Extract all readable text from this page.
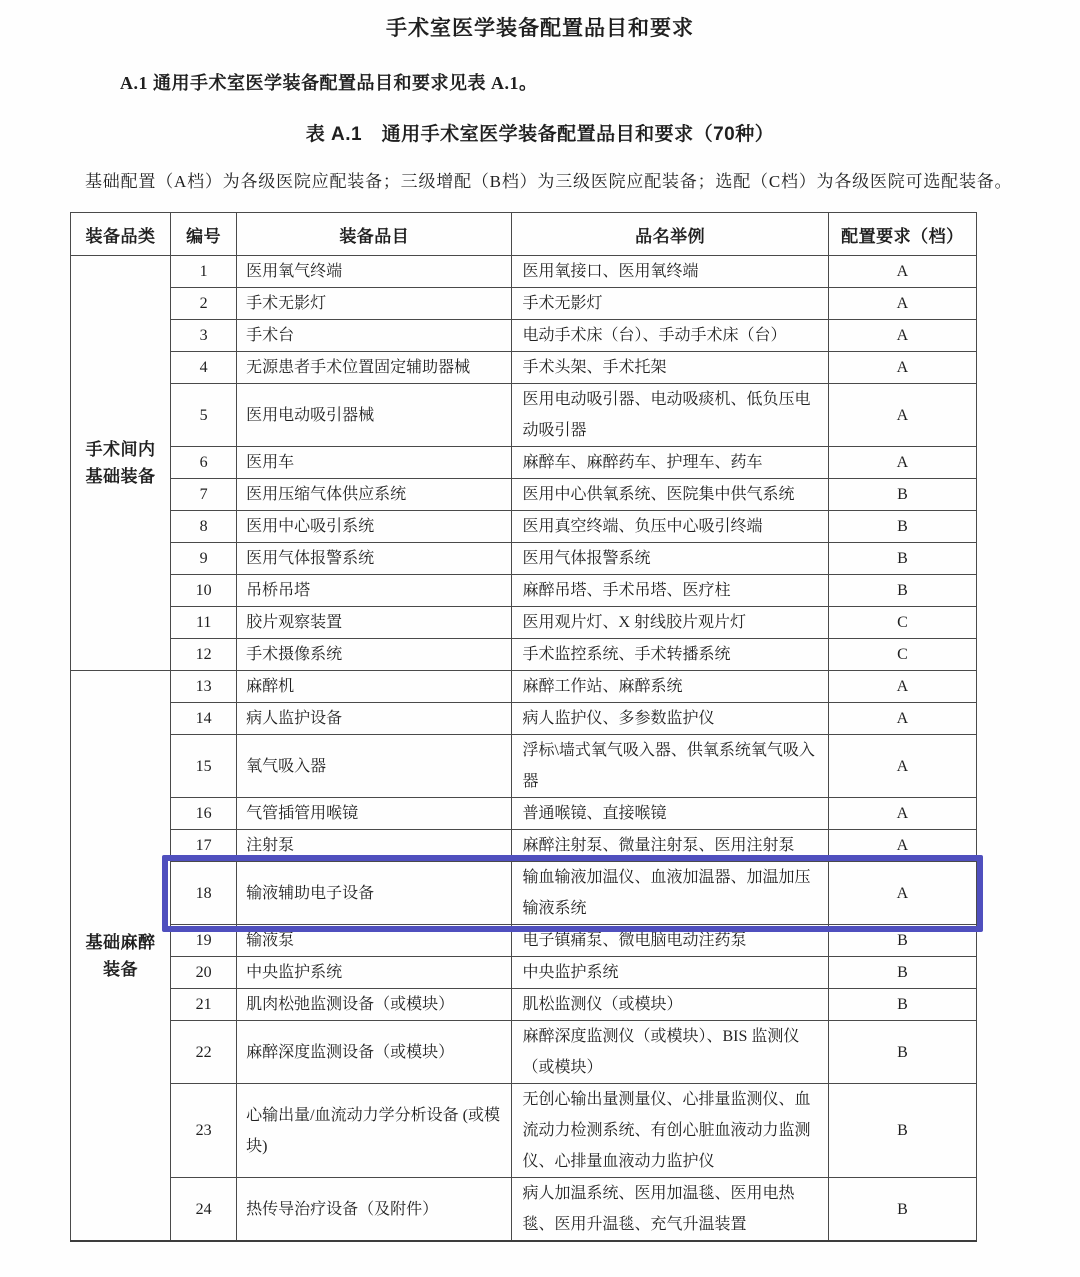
手术室医学装备配置品目和要求

A.1 通用手术室医学装备配置品目和要求见表 A.1。

表 A.1　通用手术室医学装备配置品目和要求（70种）
基础配置（A档）为各级医院应配装备；三级增配（B档）为三级医院应配装备；选配（C档）为各级医院可选配装备。
装备品类	编号	装备品目	品名举例	配置要求（档）
手术间内基础装备	1	医用氧气终端	医用氧接口、医用氧终端	A
	2	手术无影灯	手术无影灯	A
	3	手术台	电动手术床（台）、手动手术床（台）	A
	4	无源患者手术位置固定辅助器械	手术头架、手术托架	A
	5	医用电动吸引器械	医用电动吸引器、电动吸痰机、低负压电动吸引器	A
	6	医用车	麻醉车、麻醉药车、护理车、药车	A
	7	医用压缩气体供应系统	医用中心供氧系统、医院集中供气系统	B
	8	医用中心吸引系统	医用真空终端、负压中心吸引终端	B
	9	医用气体报警系统	医用气体报警系统	B
	10	吊桥吊塔	麻醉吊塔、手术吊塔、医疗柱	B
	11	胶片观察装置	医用观片灯、X 射线胶片观片灯	C
	12	手术摄像系统	手术监控系统、手术转播系统	C
基础麻醉装备	13	麻醉机	麻醉工作站、麻醉系统	A
	14	病人监护设备	病人监护仪、多参数监护仪	A
	15	氧气吸入器	浮标\墙式氧气吸入器、供氧系统氧气吸入器	A
	16	气管插管用喉镜	普通喉镜、直接喉镜	A
	17	注射泵	麻醉注射泵、微量注射泵、医用注射泵	A
	18	输液辅助电子设备	输血输液加温仪、血液加温器、加温加压输液系统	A
	19	输液泵	电子镇痛泵、微电脑电动注药泵	B
	20	中央监护系统	中央监护系统	B
	21	肌肉松弛监测设备（或模块）	肌松监测仪（或模块）	B
	22	麻醉深度监测设备（或模块）	麻醉深度监测仪（或模块）、BIS 监测仪（或模块）	B
	23	心输出量/血流动力学分析设备 (或模块)	无创心输出量测量仪、心排量监测仪、血流动力检测系统、有创心脏血液动力监测仪、心排量血液动力监护仪	B
	24	热传导治疗设备（及附件）	病人加温系统、医用加温毯、医用电热毯、医用升温毯、充气升温装置	B
